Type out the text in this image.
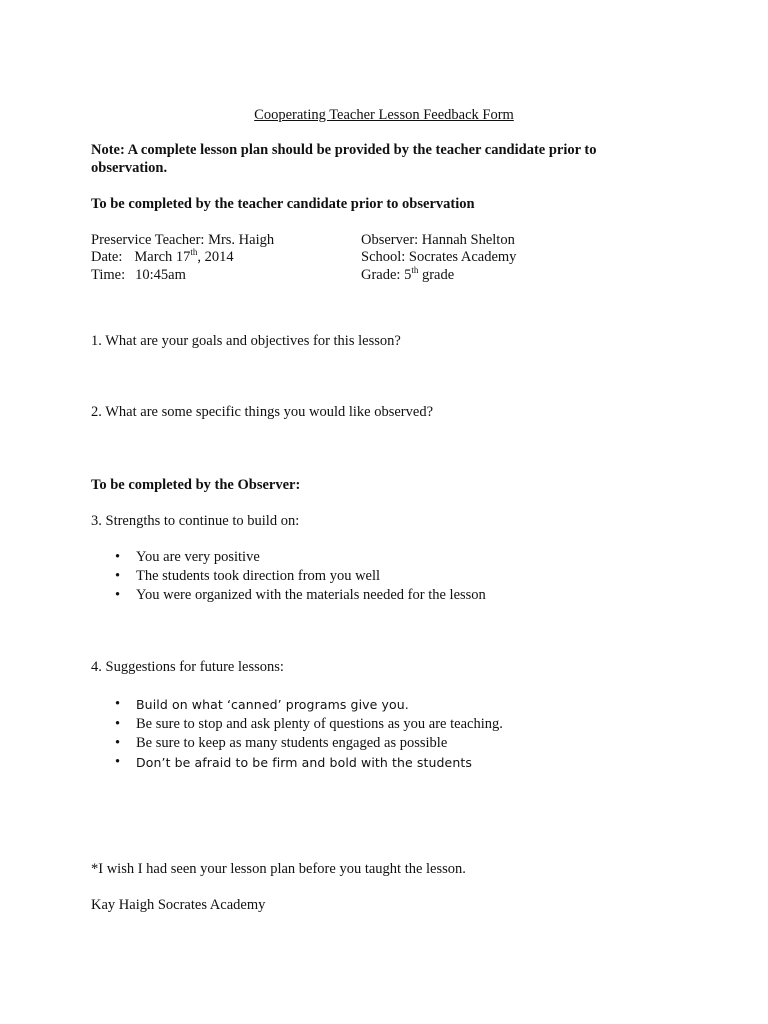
Cooperating Teacher Lesson Feedback Form
Note: A complete lesson plan should be provided by the teacher candidate prior to observation.
To be completed by the teacher candidate prior to observation
Preservice Teacher: Mrs. Haigh
Date: March 17th, 2014
Time: 10:45am
Observer: Hannah Shelton
School: Socrates Academy
Grade: 5th grade
1. What are your goals and objectives for this lesson?
2. What are some specific things you would like observed?
To be completed by the Observer:
3. Strengths to continue to build on:
• You are very positive
• The students took direction from you well
• You were organized with the materials needed for the lesson
4. Suggestions for future lessons:
• Build on what ‘canned’ programs give you.
• Be sure to stop and ask plenty of questions as you are teaching.
• Be sure to keep as many students engaged as possible
• Don’t be afraid to be firm and bold with the students
*I wish I had seen your lesson plan before you taught the lesson.
Kay Haigh Socrates Academy
